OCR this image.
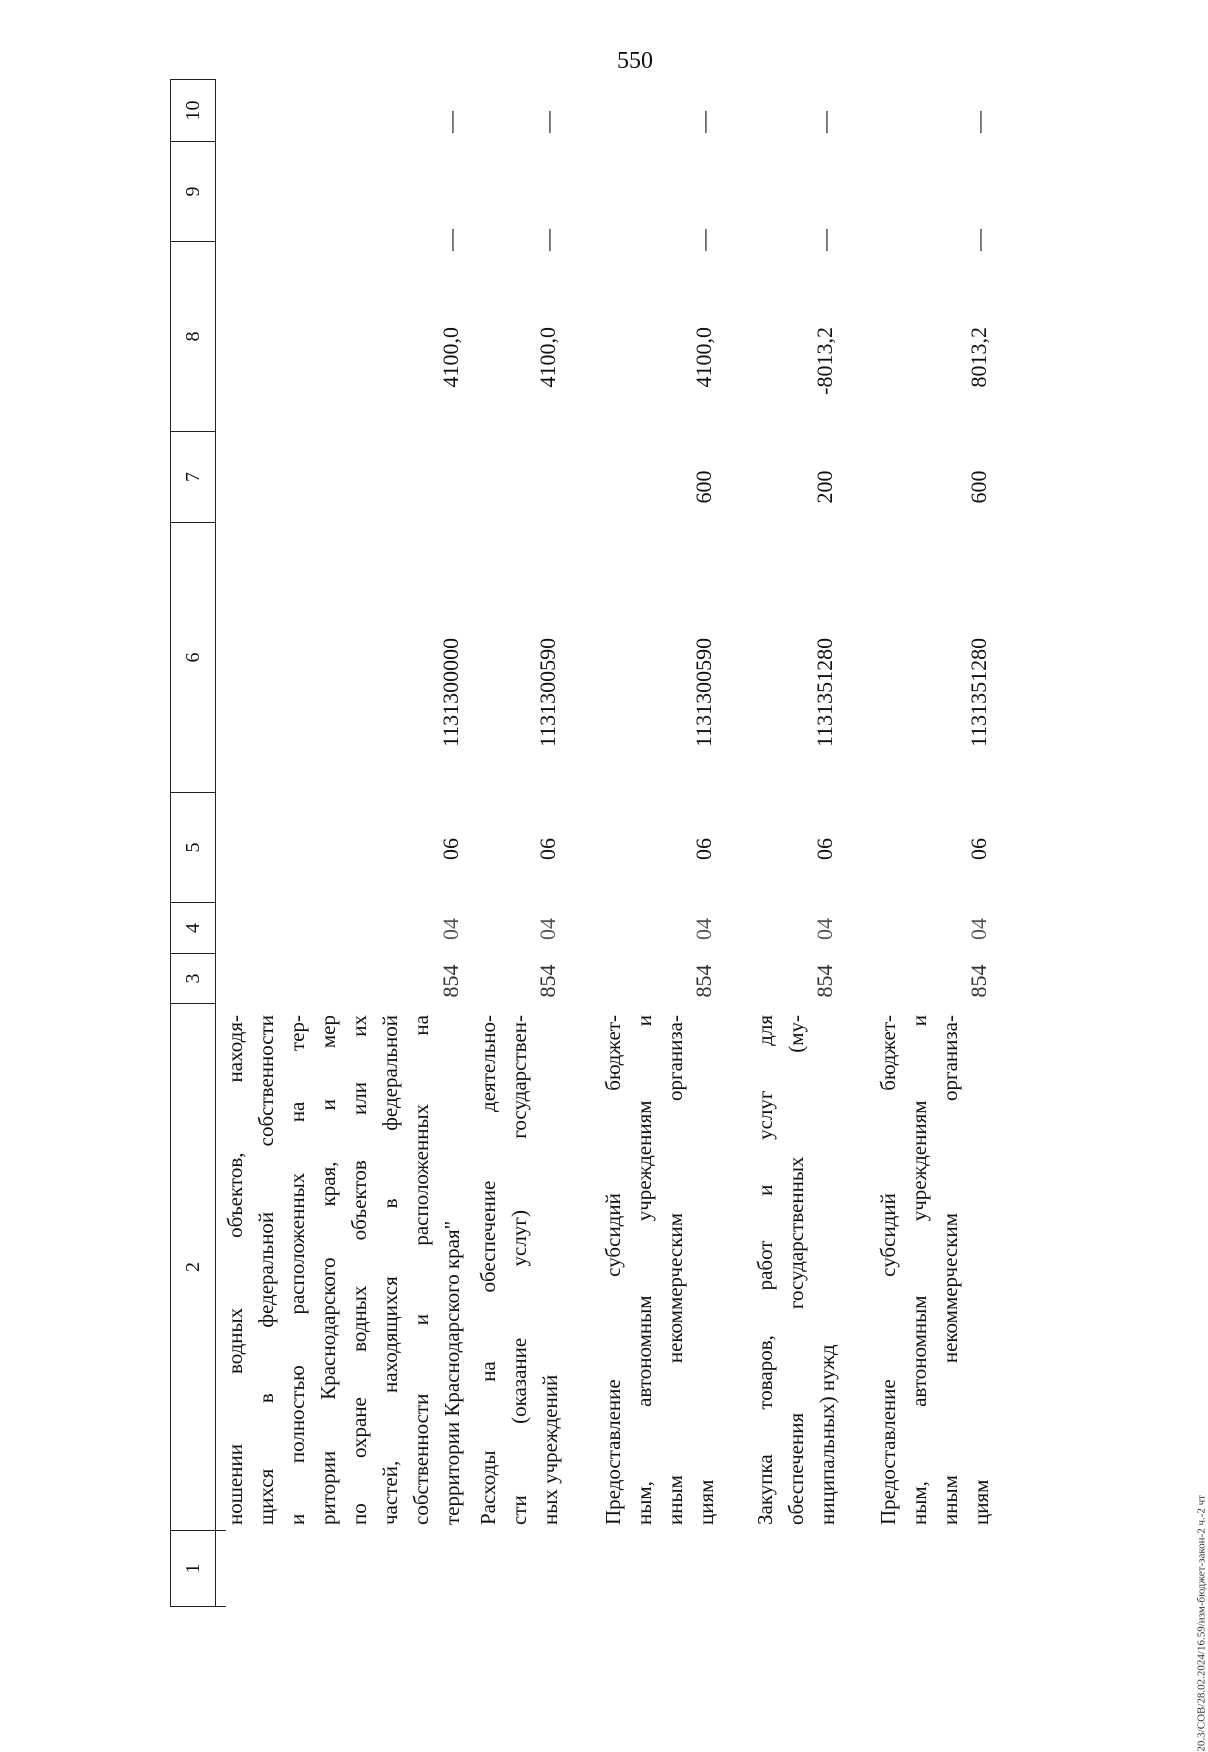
550
20.3/СОВ/28.02.2024/16.59/изм-бюджет-закон-2 ч.-2 чт
1
2
3
4
5
6
7
8
9
10
ношении водных объектов, находя- щихся в федеральной собственности и полностью расположенных на тер- ритории Краснодарского края, и мер по охране водных объектов или их частей, находящихся в федеральной собственности и расположенных на территории Краснодарского края"
854
04
06
1131300000
4100,0
—
—
Расходы на обеспечение деятельно- сти (оказание услуг) государствен- ных учреждений
854
04
06
1131300590
4100,0
—
—
Предоставление субсидий бюджет- ным, автономным учреждениям и иным некоммерческим организа- циям
854
04
06
1131300590
600
4100,0
—
—
Закупка товаров, работ и услуг для обеспечения государственных (му- ниципальных) нужд
854
04
06
1131351280
200
-8013,2
—
—
Предоставление субсидий бюджет- ным, автономным учреждениям и иным некоммерческим организа- циям
854
04
06
1131351280
600
8013,2
—
—
